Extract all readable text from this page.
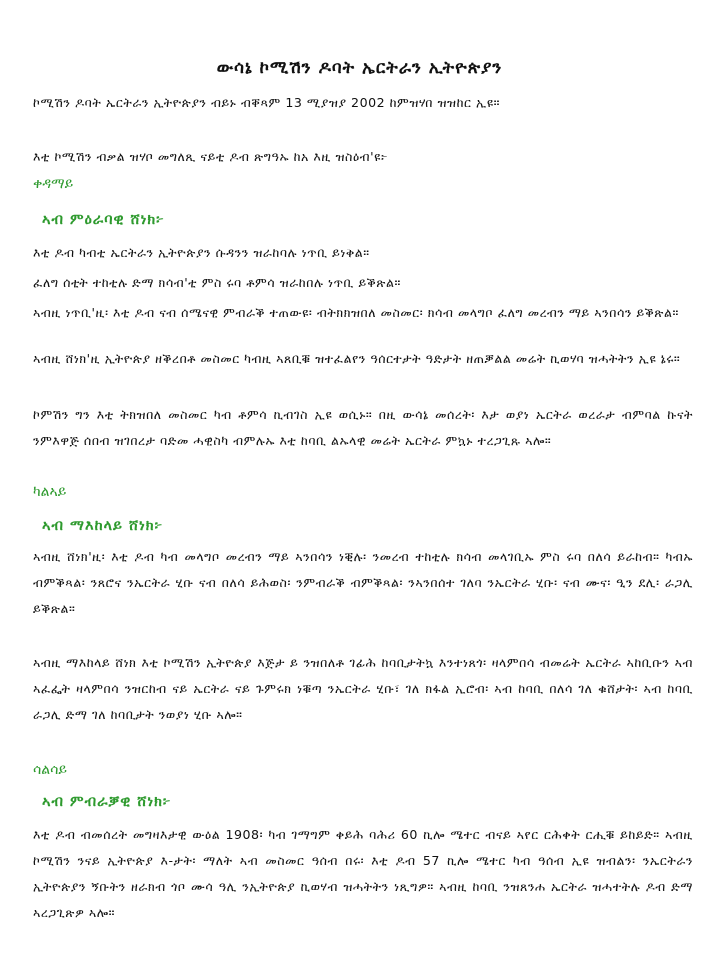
ውሳኔ ኮሚሽን ዶባት ኤርትራን ኢትዮጵያን
ኮሚሽን ዶባት ኤርትራን ኢትዮጵያን ብይኑ ብቐጻም 13 ሚያዝያ 2002 ከምዝሃበ ዝዝከር ኢዩ።
እቲ ኮሚሽን ብቃል ዝሃቦ መግለጺ ናይቲ ዶብ ጽግዓኡ ከአ እዚ ዝስዕብ'ዩ፦
ቀዳማይ
ኣብ ምዕራባዊ ሸነክ፦
እቲ ዶብ ካብቲ ኤርትራን ኢትዮጵያን ሱዳንን ዝራከባሉ ነጥቢ ይነቅል።
ፈለግ ሰቲት ተከቲሉ ድማ ክሳብ'ቲ ምስ ሩባ ቶምሳ ዝራከበሉ ነጥቢ ይቕጽል።
ኣብዚ ነጥቢ'ዚ፡ እቲ ዶብ ናብ ሰሜናዊ ምብራቕ ተጠውዩ፡ ብትክክዝበለ መስመር፡ ክሳብ መላግቦ ፈለግ መረብን ማይ ኣንበሳን ይቕጽል።
ኣብዚ ሸነክ'ዚ ኢትዮጵያ ዘቕረበቶ መስመር ካብዚ ኣጸቢቑ ዝተፈልየን ዓሰርተታት ዓድታት ዘጠቓልል መሬት ኪወሃባ ዝሓትትን ኢዩ ኔሩ።
ኮምሽን ግን እቲ ትክዝበለ መስመር ካብ ቶምሳ ኪብገስ ኢዩ ወሲኑ። በዚ ውሳኔ መሰረት፡ እታ ወያነ ኤርትራ ወረራታ ብምባል ኩናት ንምእዋጅ ሰበብ ዝገበረታ ባድመ ሓዊስካ ብምሉኡ እቲ ከባቢ ልኡላዊ መሬት ኤርትራ ምኳኑ ተረጋጊጹ ኣሎ።
ካልኣይ
ኣብ ማእከላይ ሸነክ፦
ኣብዚ ሸነክ'ዚ፡ እቲ ዶብ ካብ መላግቦ መረብን ማይ ኣንበሳን ነቒሉ፡ ንመረብ ተከቲሉ ክሳብ መላገቢኡ ምስ ሩባ በለሳ ይራከብ። ካብኡ ብምቕጻል፡ ንጸሮና ንኤርትራ ሂቡ ናብ በለሳ ይሕወስ፡ ንምብራቕ ብምቕጻል፡ ንኣንበሰተ ገለባ ንኤርትራ ሂቡ፡ ናብ ሙና፡ ዒን ደሊ፡ ራጋሊ ይቕጽል።
ኣብዚ ማእከላይ ሸነክ እቲ ኮሚሽን ኢትዮጵያ እጅታ ይ ንዝበለቶ ገፊሕ ከባቢታትኳ እንተነጸጎ፡ ዛላምበሳ ብመሬት ኤርትራ ኣከቢቡን ኣብ ኣፈፌት ዛላምበሳ ንዝርከብ ናይ ኤርትራ ናይ ጉምሩክ ነቑጣ ንኤርትራ ሂቡ፣ ገለ ክፋል ኢሮብ፡ ኣብ ከባቢ በለሳ ገለ ቁሸታት፡ ኣብ ከባቢ ራጋሊ ድማ ገለ ከባቢታት ንወያነ ሂቡ ኣሎ።
ሳልሳይ
ኣብ ምብራቓዊ ሸነክ፦
እቲ ዶብ ብመሰረት መግዛእታዊ ውዕል 1908፡ ካብ ገማግም ቀይሕ ባሕሪ 60 ኪሎ ሜተር ብናይ ኣየር ርሕቀት ርሒቑ ይከይድ። ኣብዚ ኮሚሽን ንናይ ኢትዮጵያ እ-ታት፡ ማለት ኣብ መስመር ዓሰብ በሩ፡ እቲ ዶብ 57 ኪሎ ሜተር ካብ ዓሰብ ኢዩ ዝብልን፡ ንኤርትራን ኢትዮጵያን ኝቡትን ዘራክብ ጎቦ ሙሳ ዓሊ ንኢትዮጵያ ኪወሃብ ዝሓትትን ነጺግዎ። ኣብዚ ከባቢ ንዝጸንሐ ኤርትራ ዝሓተትሉ ዶብ ድማ ኣረጋጊጽዎ ኣሎ።
